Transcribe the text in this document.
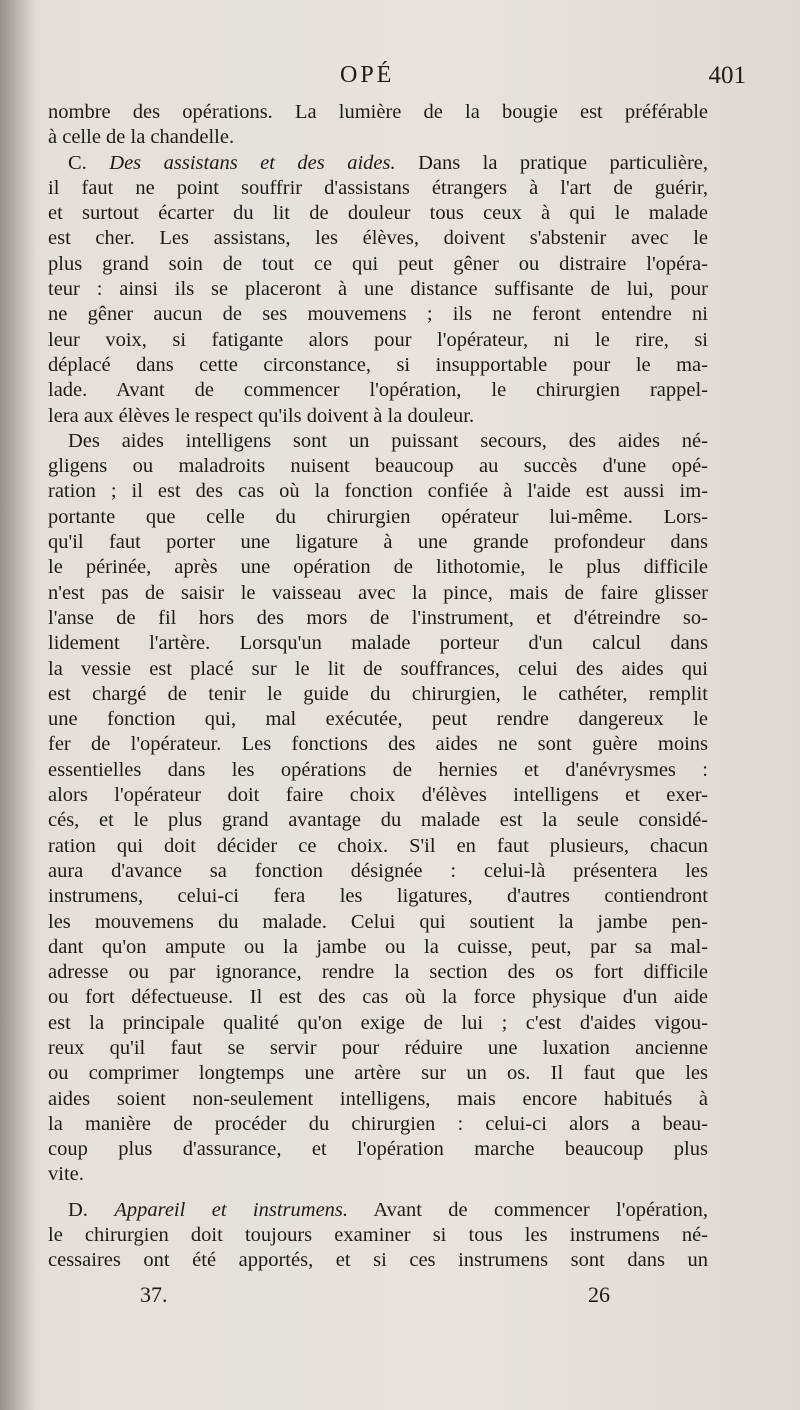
OPÉ	401
nombre des opérations. La lumière de la bougie est préférable
à celle de la chandelle.
C. Des assistans et des aides. Dans la pratique particulière,
il faut ne point souffrir d'assistans étrangers à l'art de guérir,
et surtout écarter du lit de douleur tous ceux à qui le malade
est cher. Les assistans, les élèves, doivent s'abstenir avec le
plus grand soin de tout ce qui peut gêner ou distraire l'opéra-
teur : ainsi ils se placeront à une distance suffisante de lui, pour
ne gêner aucun de ses mouvemens ; ils ne feront entendre ni
leur voix, si fatigante alors pour l'opérateur, ni le rire, si
déplacé dans cette circonstance, si insupportable pour le ma-
lade. Avant de commencer l'opération, le chirurgien rappel-
lera aux élèves le respect qu'ils doivent à la douleur.
Des aides intelligens sont un puissant secours, des aides né-
gligens ou maladroits nuisent beaucoup au succès d'une opé-
ration ; il est des cas où la fonction confiée à l'aide est aussi im-
portante que celle du chirurgien opérateur lui-même. Lors-
qu'il faut porter une ligature à une grande profondeur dans
le périnée, après une opération de lithotomie, le plus difficile
n'est pas de saisir le vaisseau avec la pince, mais de faire glisser
l'anse de fil hors des mors de l'instrument, et d'étreindre so-
lidement l'artère. Lorsqu'un malade porteur d'un calcul dans
la vessie est placé sur le lit de souffrances, celui des aides qui
est chargé de tenir le guide du chirurgien, le cathéter, remplit
une fonction qui, mal exécutée, peut rendre dangereux le
fer de l'opérateur. Les fonctions des aides ne sont guère moins
essentielles dans les opérations de hernies et d'anévrysmes :
alors l'opérateur doit faire choix d'élèves intelligens et exer-
cés, et le plus grand avantage du malade est la seule considé-
ration qui doit décider ce choix. S'il en faut plusieurs, chacun
aura d'avance sa fonction désignée : celui-là présentera les
instrumens, celui-ci fera les ligatures, d'autres contiendront
les mouvemens du malade. Celui qui soutient la jambe pen-
dant qu'on ampute ou la jambe ou la cuisse, peut, par sa mal-
adresse ou par ignorance, rendre la section des os fort difficile
ou fort défectueuse. Il est des cas où la force physique d'un aide
est la principale qualité qu'on exige de lui ; c'est d'aides vigou-
reux qu'il faut se servir pour réduire une luxation ancienne
ou comprimer longtemps une artère sur un os. Il faut que les
aides soient non-seulement intelligens, mais encore habitués à
la manière de procéder du chirurgien : celui-ci alors a beau-
coup plus d'assurance, et l'opération marche beaucoup plus
vite.
D. Appareil et instrumens. Avant de commencer l'opération,
le chirurgien doit toujours examiner si tous les instrumens né-
cessaires ont été apportés, et si ces instrumens sont dans un
37.	26
